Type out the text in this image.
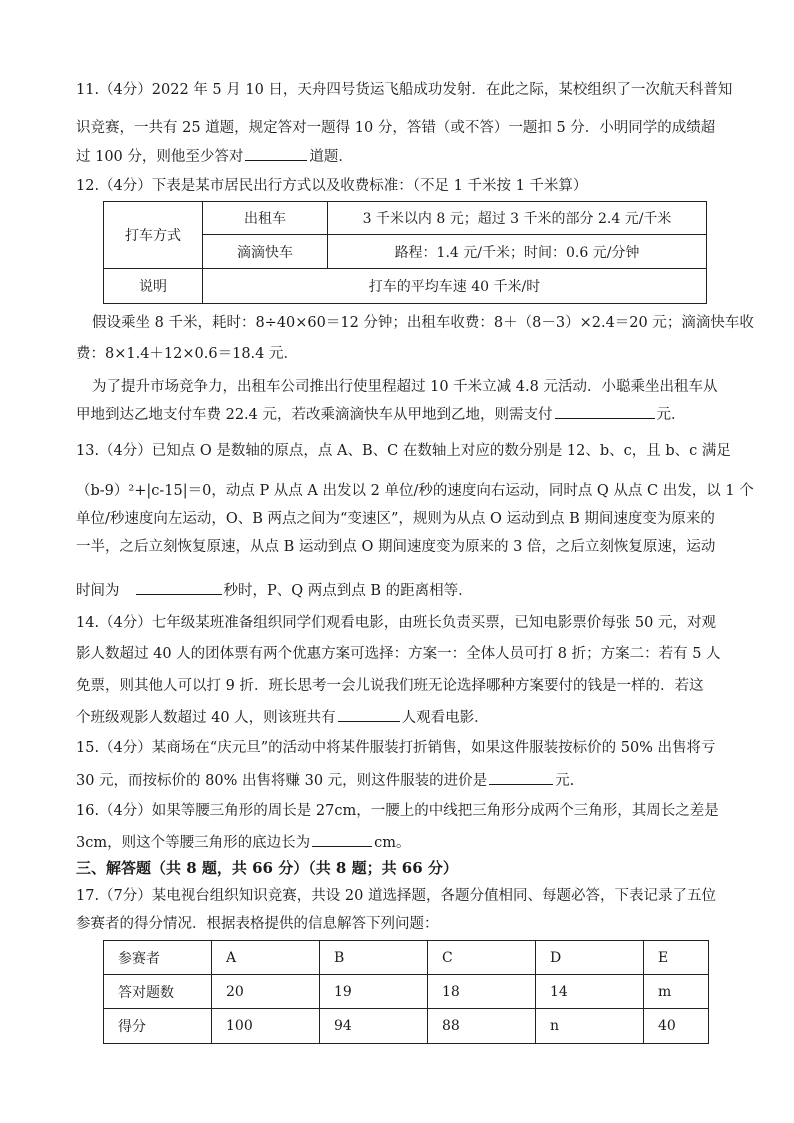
11.（4分）2022 年 5 月 10 日，天舟四号货运飞船成功发射．在此之际，某校组织了一次航天科普知
识竞赛，一共有 25 道题，规定答对一题得 10 分，答错（或不答）一题扣 5 分．小明同学的成绩超
过 100 分，则他至少答对	道题．
12.（4分）下表是某市居民出行方式以及收费标准：（不足 1 千米按 1 千米算）
打车方式	出租车	3 千米以内 8 元；超过 3 千米的部分 2.4 元/千米
	滴滴快车	路程：1.4 元/千米；时间：0.6 元/分钟
说明	打车的平均车速 40 千米/时	
假设乘坐 8 千米，耗时：8÷40×60＝12 分钟；出租车收费：8＋（8－3）×2.4＝20 元；滴滴快车收
费：8×1.4＋12×0.6＝18.4 元．
为了提升市场竞争力，出租车公司推出行使里程超过 10 千米立减 4.8 元活动．小聪乘坐出租车从
甲地到达乙地支付车费 22.4 元，若改乘滴滴快车从甲地到乙地，则需支付	元．
13.（4分）已知点 O 是数轴的原点，点 A、B、C 在数轴上对应的数分别是 12、b、c，且 b、c 满足
（b-9）²+|c-15|＝0，动点 P 从点 A 出发以 2 单位/秒的速度向右运动，同时点 Q 从点 C 出发，以 1 个
单位/秒速度向左运动，O、B 两点之间为“变速区”，规则为从点 O 运动到点 B 期间速度变为原来的
一半，之后立刻恢复原速，从点 B 运动到点 O 期间速度变为原来的 3 倍，之后立刻恢复原速，运动
时间为	秒时，P、Q 两点到点 B 的距离相等．
14.（4分）七年级某班准备组织同学们观看电影，由班长负责买票，已知电影票价每张 50 元，对观
影人数超过 40 人的团体票有两个优惠方案可选择：方案一：全体人员可打 8 折；方案二：若有 5 人
免票，则其他人可以打 9 折．班长思考一会儿说我们班无论选择哪种方案要付的钱是一样的．若这
个班级观影人数超过 40 人，则该班共有	人观看电影．
15.（4分）某商场在“庆元旦”的活动中将某件服装打折销售，如果这件服装按标价的 50% 出售将亏
30 元，而按标价的 80% 出售将赚 30 元，则这件服装的进价是	元.
16.（4分）如果等腰三角形的周长是 27cm，一腰上的中线把三角形分成两个三角形，其周长之差是
3cm，则这个等腰三角形的底边长为	cm。
三、解答题（共 8 题，共 66 分）（共 8 题；共 66 分）
17.（7分）某电视台组织知识竞赛，共设 20 道选择题，各题分值相同、每题必答，下表记录了五位
参赛者的得分情况．根据表格提供的信息解答下列问题：
参赛者	A	B	C	D	E
答对题数	20	19	18	14	m
得分	100	94	88	n	40
